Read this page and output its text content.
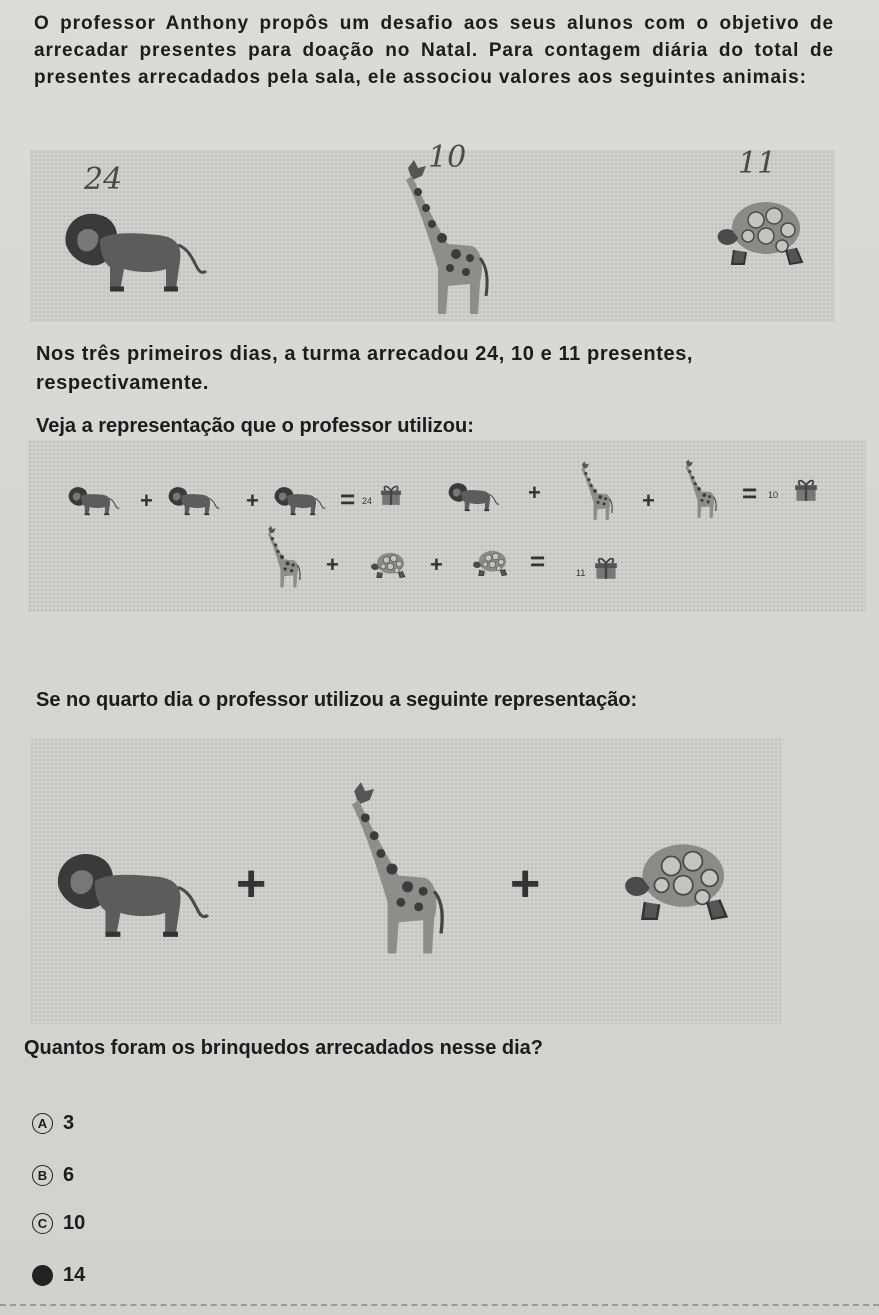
O professor Anthony propôs um desafio aos seus alunos com o objetivo de arrecadar presentes para doação no Natal. Para contagem diária do total de presentes arrecadados pela sala, ele associou valores aos seguintes animais:

24
10	11

Nos três primeiros dias, a turma arrecadou 24, 10 e 11 presentes, respectivamente.

Veja a representação que o professor utilizou:

+	+	= 24	+	+	= 10
+	+	=	11

Se no quarto dia o professor utilizou a seguinte representação:

+	+

Quantos foram os brinquedos arrecadados nesse dia?

A 3
B 6
C 10
D 14
